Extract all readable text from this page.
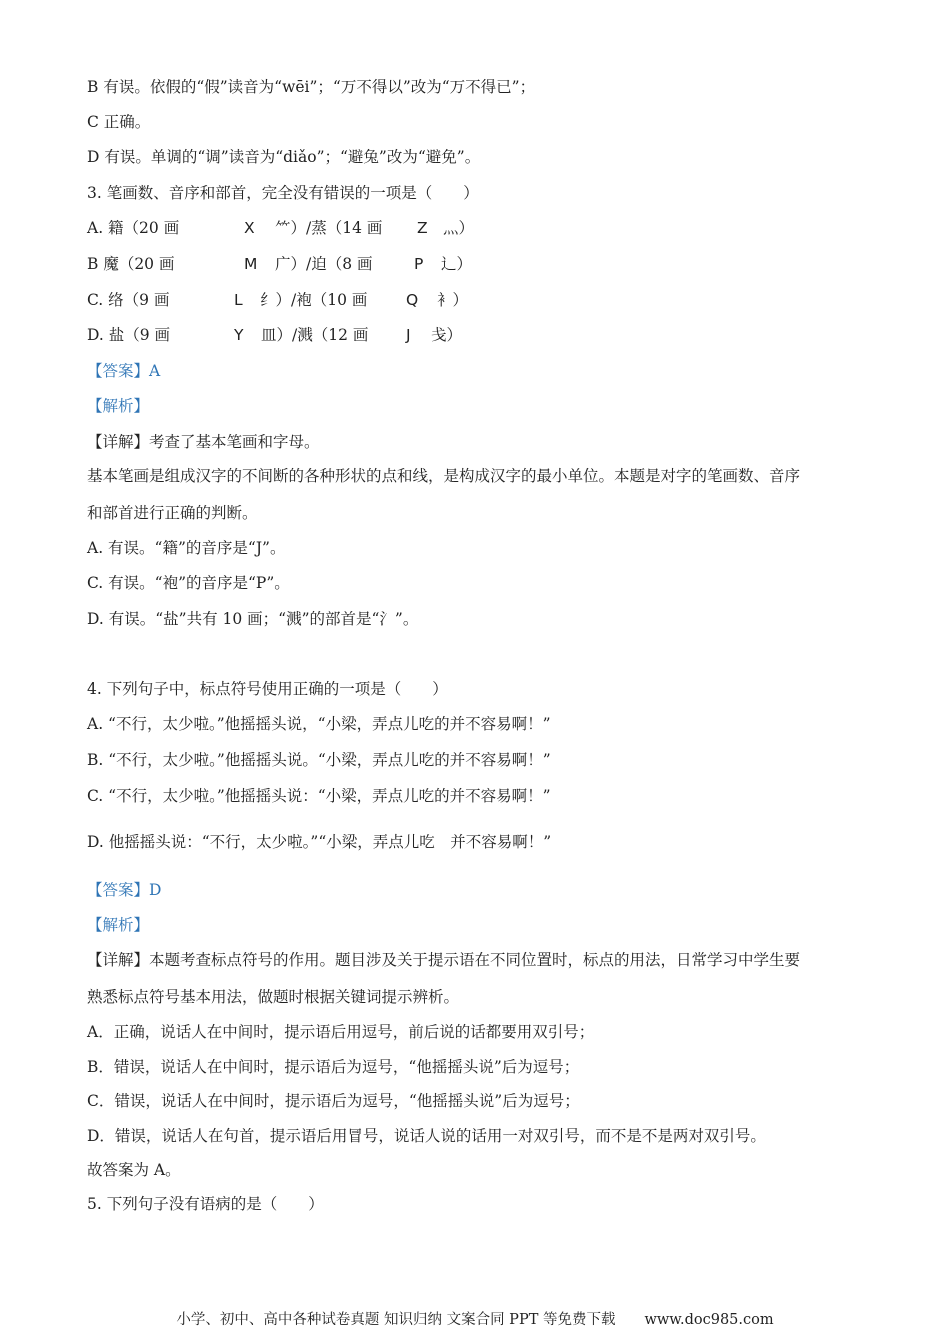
B 有误。依假的“假”读音为“wēi”；“万不得以”改为“万不得已”；
C 正确。
D 有误。单调的“调”读音为“diǎo”；“避兔”改为“避免”。
3. 笔画数、音序和部首，完全没有错误的一项是（　　）
A. 籍（20 画	X ⺮）/蒸（14 画 Z 灬）
B 魔（20 画	M 广）/迫（8 画	P 辶）
C. 络（9 画	L 纟）/袍（10 画 Q 衤）
D. 盐（9 画	Y 皿）/溅（12 画 J 戋）
【答案】A
【解析】
【详解】考查了基本笔画和字母。
基本笔画是组成汉字的不间断的各种形状的点和线，是构成汉字的最小单位。本题是对字的笔画数、音序
和部首进行正确的判断。
A. 有误。“籍”的音序是“J”。
C. 有误。“袍”的音序是“P”。
D. 有误。“盐”共有 10 画；“溅”的部首是“氵”。
4. 下列句子中，标点符号使用正确的一项是（　　）
A. “不行，太少啦。”他摇摇头说，“小梁，弄点儿吃的并不容易啊！”
B. “不行，太少啦。”他摇摇头说。“小梁，弄点儿吃的并不容易啊！”
C. “不行，太少啦。”他摇摇头说：“小梁，弄点儿吃的并不容易啊！”
D. 他摇摇头说：“不行，太少啦。”“小梁，弄点儿吃　并不容易啊！”
【答案】D
【解析】
【详解】本题考查标点符号的作用。题目涉及关于提示语在不同位置时，标点的用法，日常学习中学生要
熟悉标点符号基本用法，做题时根据关键词提示辨析。
A．正确，说话人在中间时，提示语后用逗号，前后说的话都要用双引号；
B．错误，说话人在中间时，提示语后为逗号，“他摇摇头说”后为逗号；
C．错误，说话人在中间时，提示语后为逗号，“他摇摇头说”后为逗号；
D．错误，说话人在句首，提示语后用冒号，说话人说的话用一对双引号，而不是不是两对双引号。
故答案为 A。
5. 下列句子没有语病的是（　　）
小学、初中、高中各种试卷真题 知识归纳 文案合同 PPT 等免费下载　　www.doc985.com
